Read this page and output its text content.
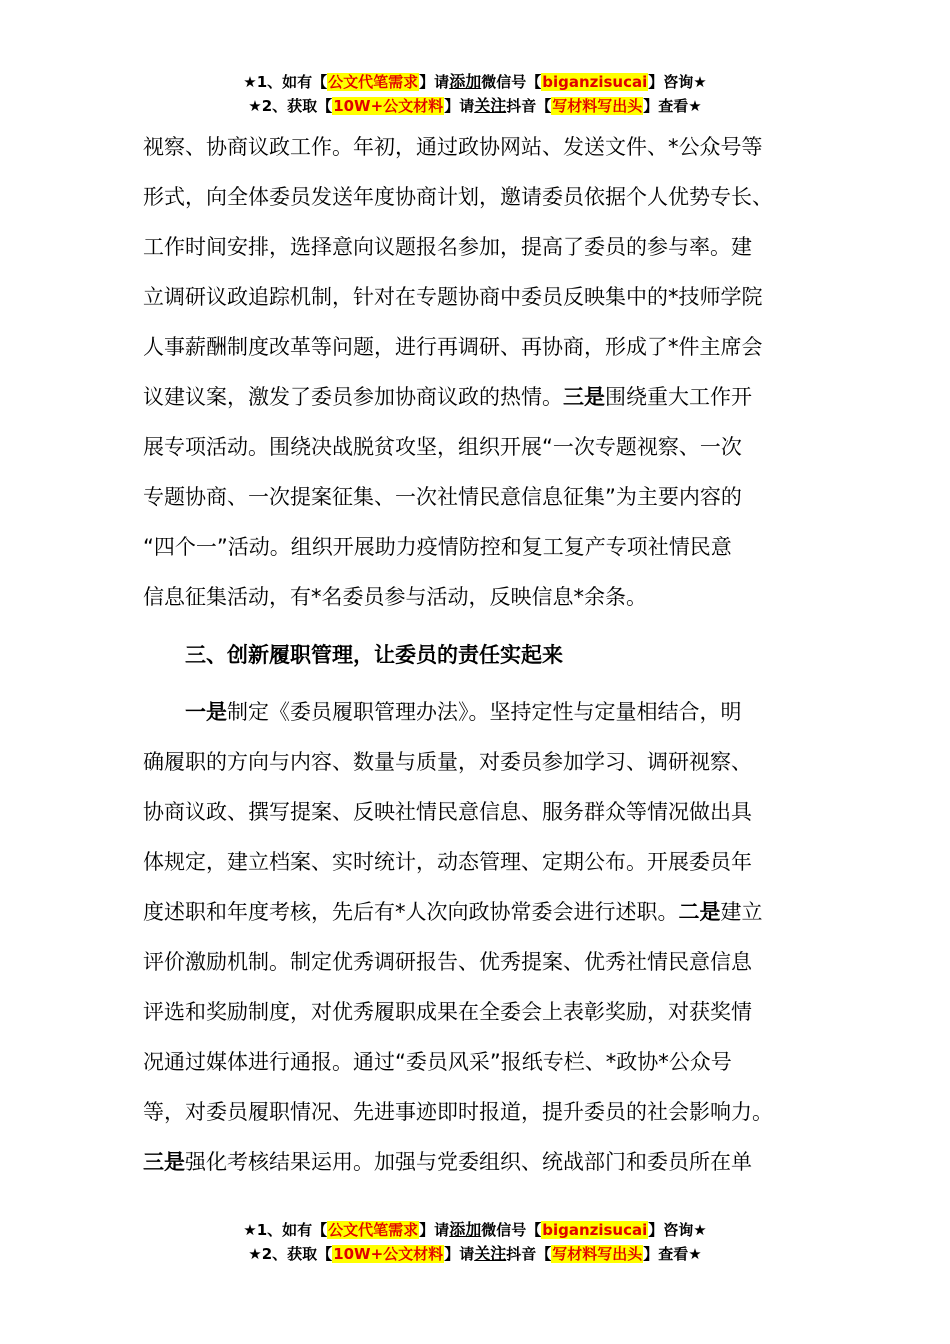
★1、如有【公文代笔需求】请添加微信号【biganzisucai】咨询★
★2、获取【10W+公文材料】请关注抖音【写材料写出头】查看★
视察、协商议政工作。年初，通过政协网站、发送文件、*公众号等
形式，向全体委员发送年度协商计划，邀请委员依据个人优势专长、
工作时间安排，选择意向议题报名参加，提高了委员的参与率。建
立调研议政追踪机制，针对在专题协商中委员反映集中的*技师学院
人事薪酬制度改革等问题，进行再调研、再协商，形成了*件主席会
议建议案，激发了委员参加协商议政的热情。三是围绕重大工作开
展专项活动。围绕决战脱贫攻坚，组织开展“一次专题视察、一次
专题协商、一次提案征集、一次社情民意信息征集”为主要内容的
“四个一”活动。组织开展助力疫情防控和复工复产专项社情民意
信息征集活动，有*名委员参与活动，反映信息*余条。
三、创新履职管理，让委员的责任实起来
一是制定《委员履职管理办法》。坚持定性与定量相结合，明
确履职的方向与内容、数量与质量，对委员参加学习、调研视察、
协商议政、撰写提案、反映社情民意信息、服务群众等情况做出具
体规定，建立档案、实时统计，动态管理、定期公布。开展委员年
度述职和年度考核，先后有*人次向政协常委会进行述职。二是建立
评价激励机制。制定优秀调研报告、优秀提案、优秀社情民意信息
评选和奖励制度，对优秀履职成果在全委会上表彰奖励，对获奖情
况通过媒体进行通报。通过“委员风采”报纸专栏、*政协*公众号
等，对委员履职情况、先进事迹即时报道，提升委员的社会影响力。
三是强化考核结果运用。加强与党委组织、统战部门和委员所在单
★1、如有【公文代笔需求】请添加微信号【biganzisucai】咨询★
★2、获取【10W+公文材料】请关注抖音【写材料写出头】查看★
